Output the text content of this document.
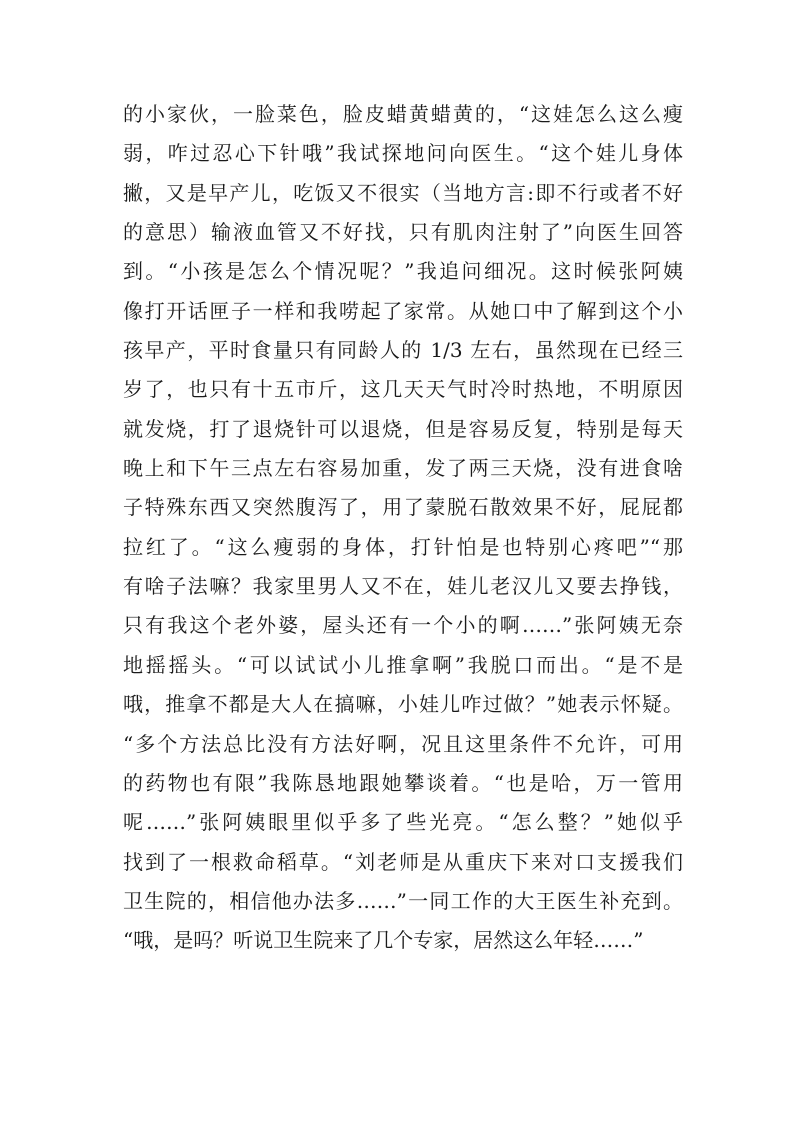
的小家伙，一脸菜色，脸皮蜡黄蜡黄的，“这娃怎么这么瘦
弱，咋过忍心下针哦”我试探地问向医生。“这个娃儿身体
撇，又是早产儿，吃饭又不很实（当地方言:即不行或者不好
的意思）输液血管又不好找，只有肌肉注射了”向医生回答
到。“小孩是怎么个情况呢？”我追问细况。这时候张阿姨
像打开话匣子一样和我唠起了家常。从她口中了解到这个小
孩早产，平时食量只有同龄人的 1/3 左右，虽然现在已经三
岁了，也只有十五市斤，这几天天气时冷时热地，不明原因
就发烧，打了退烧针可以退烧，但是容易反复，特别是每天
晚上和下午三点左右容易加重，发了两三天烧，没有进食啥
子特殊东西又突然腹泻了，用了蒙脱石散效果不好，屁屁都
拉红了。“这么瘦弱的身体，打针怕是也特别心疼吧”“那
有啥子法嘛？我家里男人又不在，娃儿老汉儿又要去挣钱，
只有我这个老外婆，屋头还有一个小的啊……”张阿姨无奈
地摇摇头。“可以试试小儿推拿啊”我脱口而出。“是不是
哦，推拿不都是大人在搞嘛，小娃儿咋过做？”她表示怀疑。
“多个方法总比没有方法好啊，况且这里条件不允许，可用
的药物也有限”我陈恳地跟她攀谈着。“也是哈，万一管用
呢……”张阿姨眼里似乎多了些光亮。“怎么整？”她似乎
找到了一根救命稻草。“刘老师是从重庆下来对口支援我们
卫生院的，相信他办法多……”一同工作的大王医生补充到。
“哦，是吗？听说卫生院来了几个专家，居然这么年轻……”
